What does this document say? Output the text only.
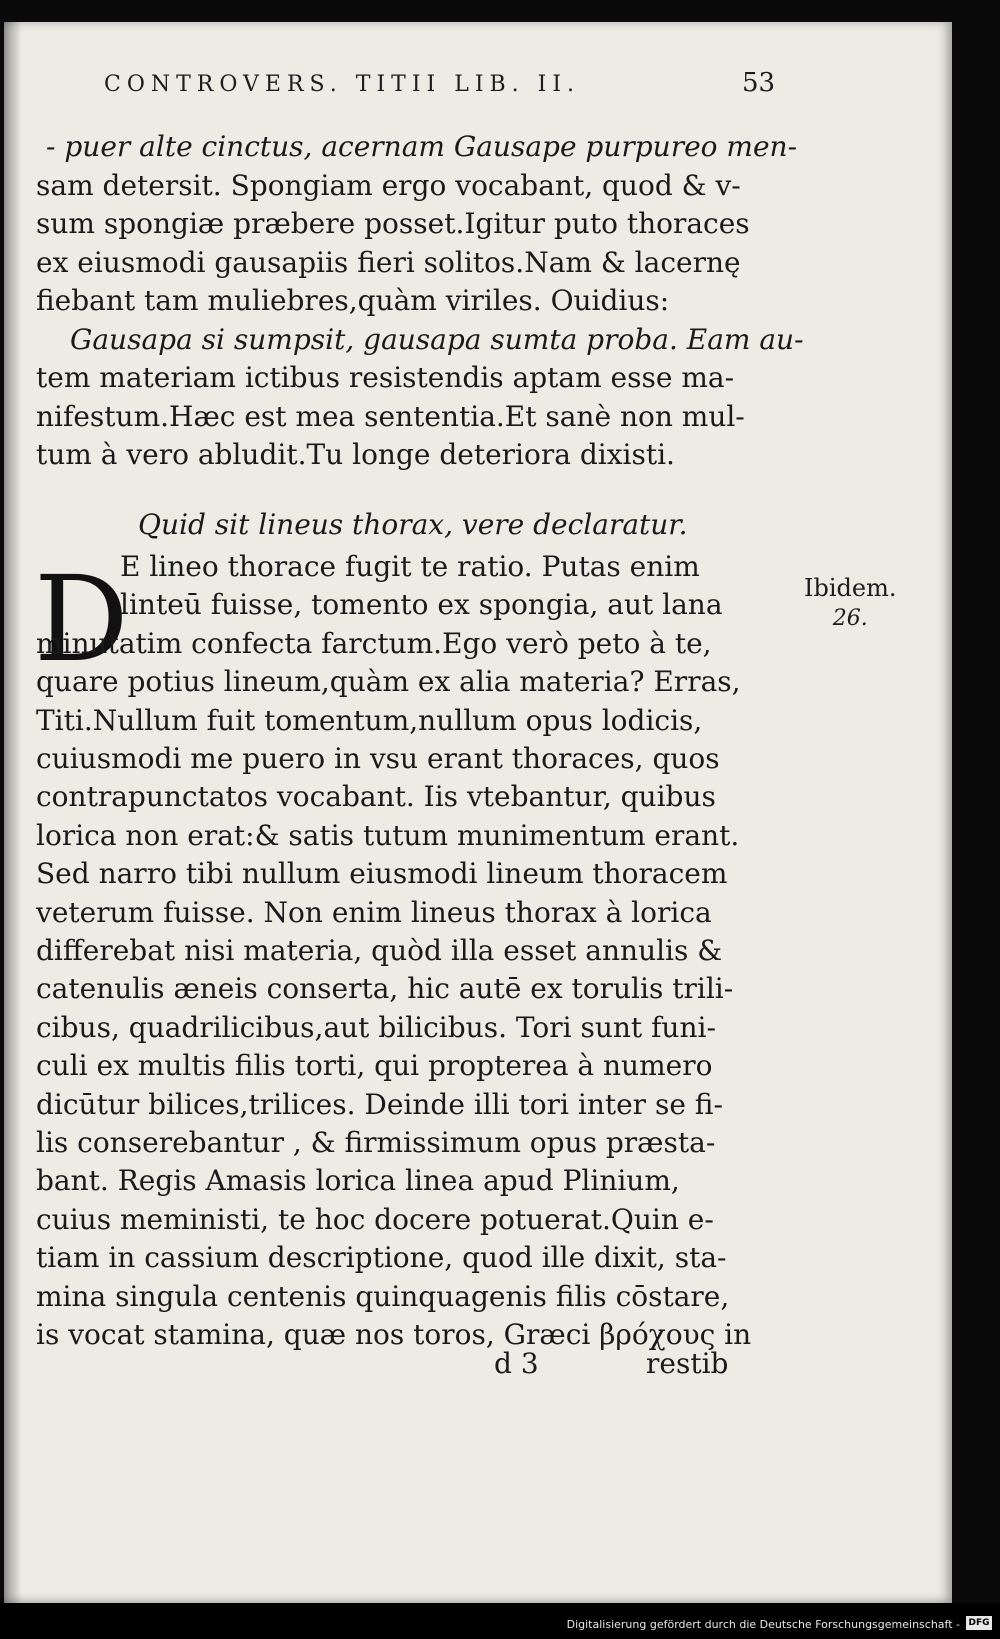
CONTROVERS. TITII LIB. II.	53
- puer alte cinctus, acernam Gausape purpureo men-
sam detersit. Spongiam ergo vocabant, quod & v-
sum spongiæ præbere posset.Igitur puto thoraces
ex eiusmodi gausapiis fieri solitos.Nam & lacernę
fiebant tam muliebres,quàm viriles. Ouidius:
Gausapa si sumpsit, gausapa sumta proba. Eam au-
tem materiam ictibus resistendis aptam esse ma-
nifestum.Hæc est mea sententia.Et sanè non mul-
tum à vero abludit.Tu longe deteriora dixisti.
Quid sit lineus thorax, vere declaratur.
D
E lineo thorace fugit te ratio. Putas enim
linteū fuisse, tomento ex spongia, aut lana
minutatim confecta farctum.Ego verò peto à te,
quare potius lineum,quàm ex alia materia? Erras,
Titi.Nullum fuit tomentum,nullum opus lodicis,
cuiusmodi me puero in vsu erant thoraces, quos
contrapunctatos vocabant. Iis vtebantur, quibus
lorica non erat:& satis tutum munimentum erant.
Sed narro tibi nullum eiusmodi lineum thoracem
veterum fuisse. Non enim lineus thorax à lorica
differebat nisi materia, quòd illa esset annulis &
catenulis æneis conserta, hic autē ex torulis trili-
cibus, quadrilicibus,aut bilicibus. Tori sunt funi-
culi ex multis filis torti, qui propterea à numero
dicūtur bilices,trilices. Deinde illi tori inter se fi-
lis conserebantur , & firmissimum opus præsta-
bant. Regis Amasis lorica linea apud Plinium,
cuius meministi, te hoc docere potuerat.Quin e-
tiam in cassium descriptione, quod ille dixit, sta-
mina singula centenis quinquagenis filis cōstare,
is vocat stamina, quæ nos toros, Græci βρόχους in
d 3	restib
Ibidem.
26.
Digitalisierung gefördert durch die Deutsche Forschungsgemeinschaft - DFG
